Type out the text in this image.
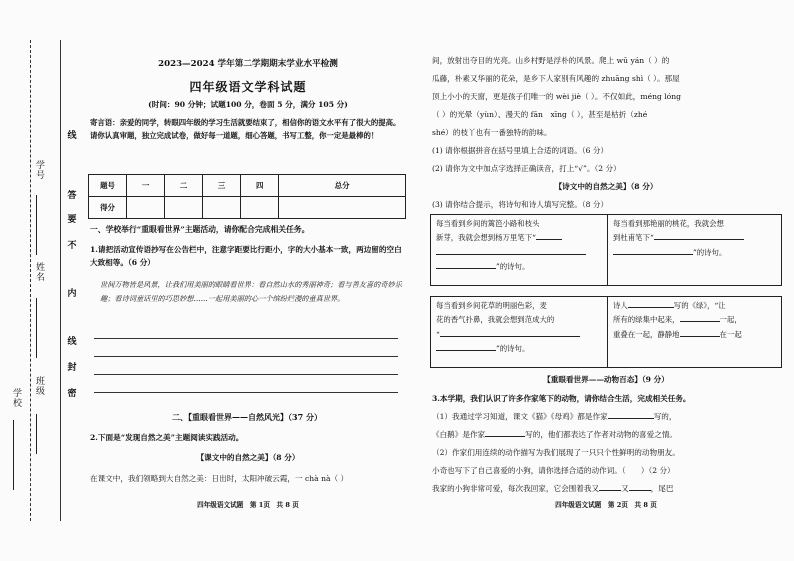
学号
姓名
班级
学校
线
答
要
不
内
线
封
密
2023—2024 学年第二学期期末学业水平检测
四年级语文学科试题
(时间：90 分钟；试题100 分，卷面 5 分，满分 105 分)
寄言语：亲爱的同学，转眼四年级的学习生活就要结束了，相信你的语文水平有了很大的提高。请你认真审题，独立完成试卷，做好每一道题，细心答题，书写工整，你一定是最棒的！
题号	一	二	三	四	总分
得分					
一、学校举行“重眼看世界”主题活动，请你配合完成相关任务。
1.请把活动宣传语抄写在公告栏中，注意字距要比行距小，字的大小基本一致，两边留的空白大致相等。（6 分）
世间万物皆是风景，让我们用美丽的眼睛看世界：看自然山水的秀丽神奇；看与善友喜的奇妙乐趣；看诗词童话里的巧思妙想……一起用美丽的心一个缤纷烂漫的童真世界。
二、【重眼看世界——自然风光】（37 分）
2.下面是“发现自然之美”主题阅读实践活动。
【课文中的自然之美】（8 分）
在课文中，我们领略到大自然之美：日出时，太阳冲破云霞，一 chà nà（ ）
四年级语文试题　第 1页　共 8 页
间，放射出夺目的光亮。山乡村野是浮朴的风景。爬上 wū yán（ ）的
瓜藤，朴素又华丽的花朵，是乡下人家别有风趣的 zhuāng shì（ ）。那屋
顶上小小的天窗，更是孩子们唯一的 wèi jiè（ ）。不仅如此，méng lóng
（ ）的光晕（yùn）、漫天的 fān　xīng（ ），甚至是枯折（zhé
shé）的枝丫也有一番独特的韵味。
(1) 请你根据拼音在括号里填上合适的词语。（6 分）
(2) 请你为文中加点字选择正确读音，打上“√”。（2 分）
【诗文中的自然之美】（8 分）
(3) 请你结合提示，将诗句和诗人填写完整。（8 分）
每当看到乡间的篱笆小路和枝头
新芽，我就会想到杨万里笔下“
”的诗句。
每当看到那艳丽的桃花，我就会想
到杜甫笔下“
”的诗句。
每当看到乡间花草的明丽色彩，麦
花的香气扑鼻，我就会想到范成大的
“
”的诗句。
诗人	写的《绿》，“让
所有的绿集中起来，	一起，
重叠在一起，静静地	在一起
【重眼看世界——动物百态】（9 分）
3.本学期，我们认识了许多作家笔下的动物，请你结合生活，完成相关任务。
（1）我通过学习知道，课文《猫》《母鸡》都是作家	写的，
《白鹅》是作家	写的，他们都表达了作者对动物的喜爱之情。
（2）作家们用连续的动作描写为我们展现了一只只个性鲜明的动物朋友。
小奇也写下了自己喜爱的小狗，请你选择合适的动作词。（　　）（2 分）
我家的小狗非常可爱，每次我回家，它会围着我又	又	，尾巴
四年级语文试题　第 2页　共 8 页
